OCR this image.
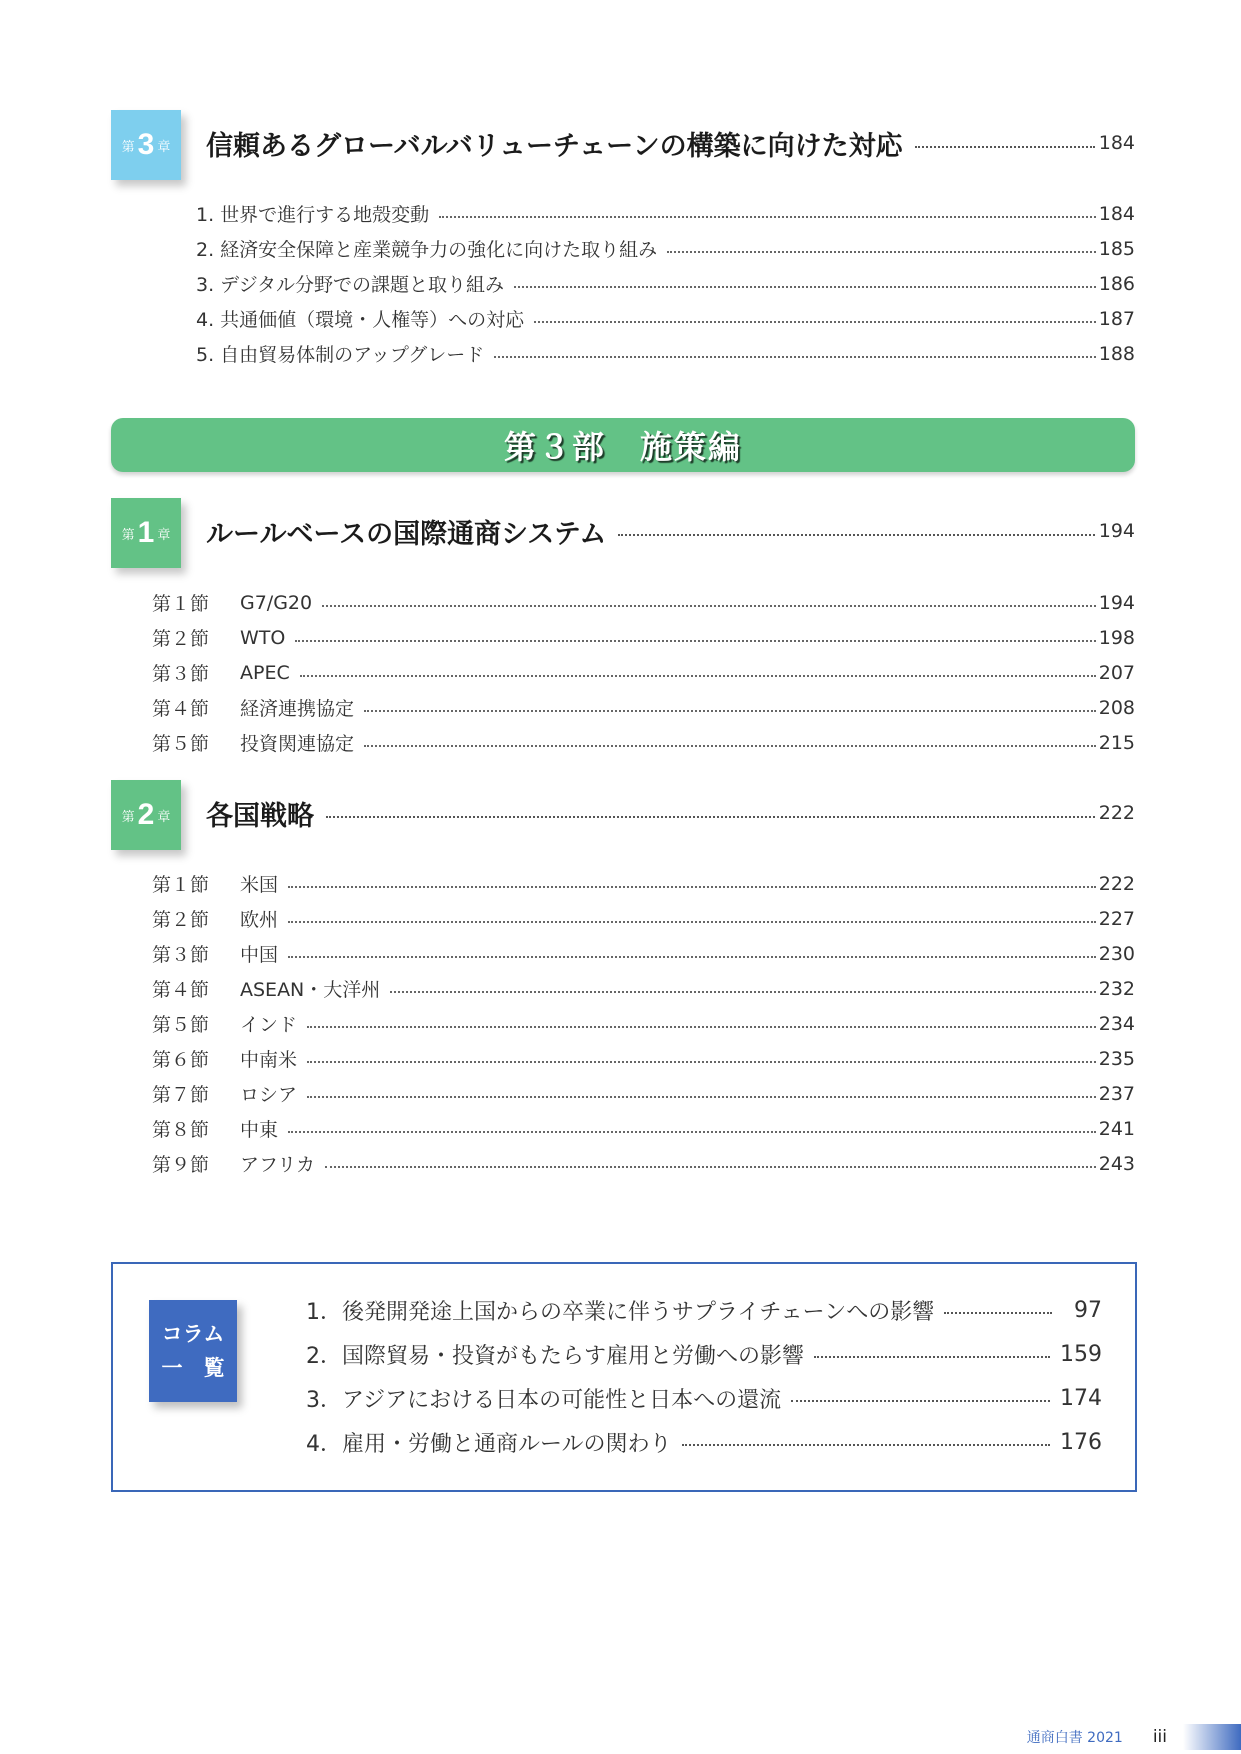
第 3 章 信頼あるグローバルバリューチェーンの構築に向けた対応	184
1. 世界で進行する地殻変動	184
2. 経済安全保障と産業競争力の強化に向けた取り組み	185
3. デジタル分野での課題と取り組み	186
4. 共通価値（環境・人権等）への対応	187
5. 自由貿易体制のアップグレード	188
第３部　施策編
第 1 章 ルールベースの国際通商システム	194
第１節	G7/G20	194
第２節	WTO	198
第３節	APEC	207
第４節	経済連携協定	208
第５節	投資関連協定	215
第 2 章 各国戦略	222
第１節	米国	222
第２節	欧州	227
第３節	中国	230
第４節	ASEAN・大洋州	232
第５節	インド	234
第６節	中南米	235
第７節	ロシア	237
第８節	中東	241
第９節	アフリカ	243
コラム
一　覧
1．後発開発途上国からの卒業に伴うサプライチェーンへの影響	97
2．国際貿易・投資がもたらす雇用と労働への影響	159
3．アジアにおける日本の可能性と日本への還流	174
4．雇用・労働と通商ルールの関わり	176
通商白書 2021 iii
